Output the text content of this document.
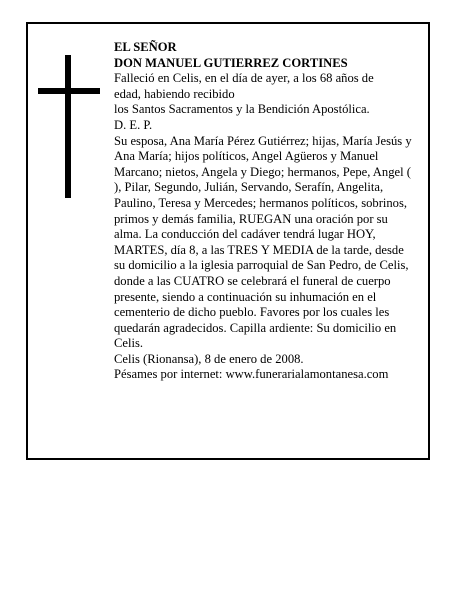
EL SEÑOR

DON MANUEL GUTIERREZ CORTINES

Falleció en Celis, en el día de ayer, a los 68 años de

edad, habiendo recibido

los Santos Sacramentos y la Bendición Apostólica.

D. E. P.

Su esposa, Ana María Pérez Gutiérrez; hijas, María Jesús y Ana María; hijos políticos, Angel Agüeros y Manuel Marcano; nietos, Angela y Diego; hermanos, Pepe, Angel ( ), Pilar, Segundo, Julián, Servando, Serafín, Angelita, Paulino, Teresa y Mercedes; hermanos políticos, sobrinos, primos y demás familia, RUEGAN una oración por su alma. La conducción del cadáver tendrá lugar HOY, MARTES, día 8, a las TRES Y MEDIA de la tarde, desde su domicilio a la iglesia parroquial de San Pedro, de Celis, donde a las CUATRO se celebrará el funeral de cuerpo presente, siendo a continuación su inhumación en el cementerio de dicho pueblo. Favores por los cuales les quedarán agradecidos. Capilla ardiente: Su domicilio en Celis.

Celis (Rionansa), 8 de enero de 2008.

Pésames por internet: www.funerarialamontanesa.com
